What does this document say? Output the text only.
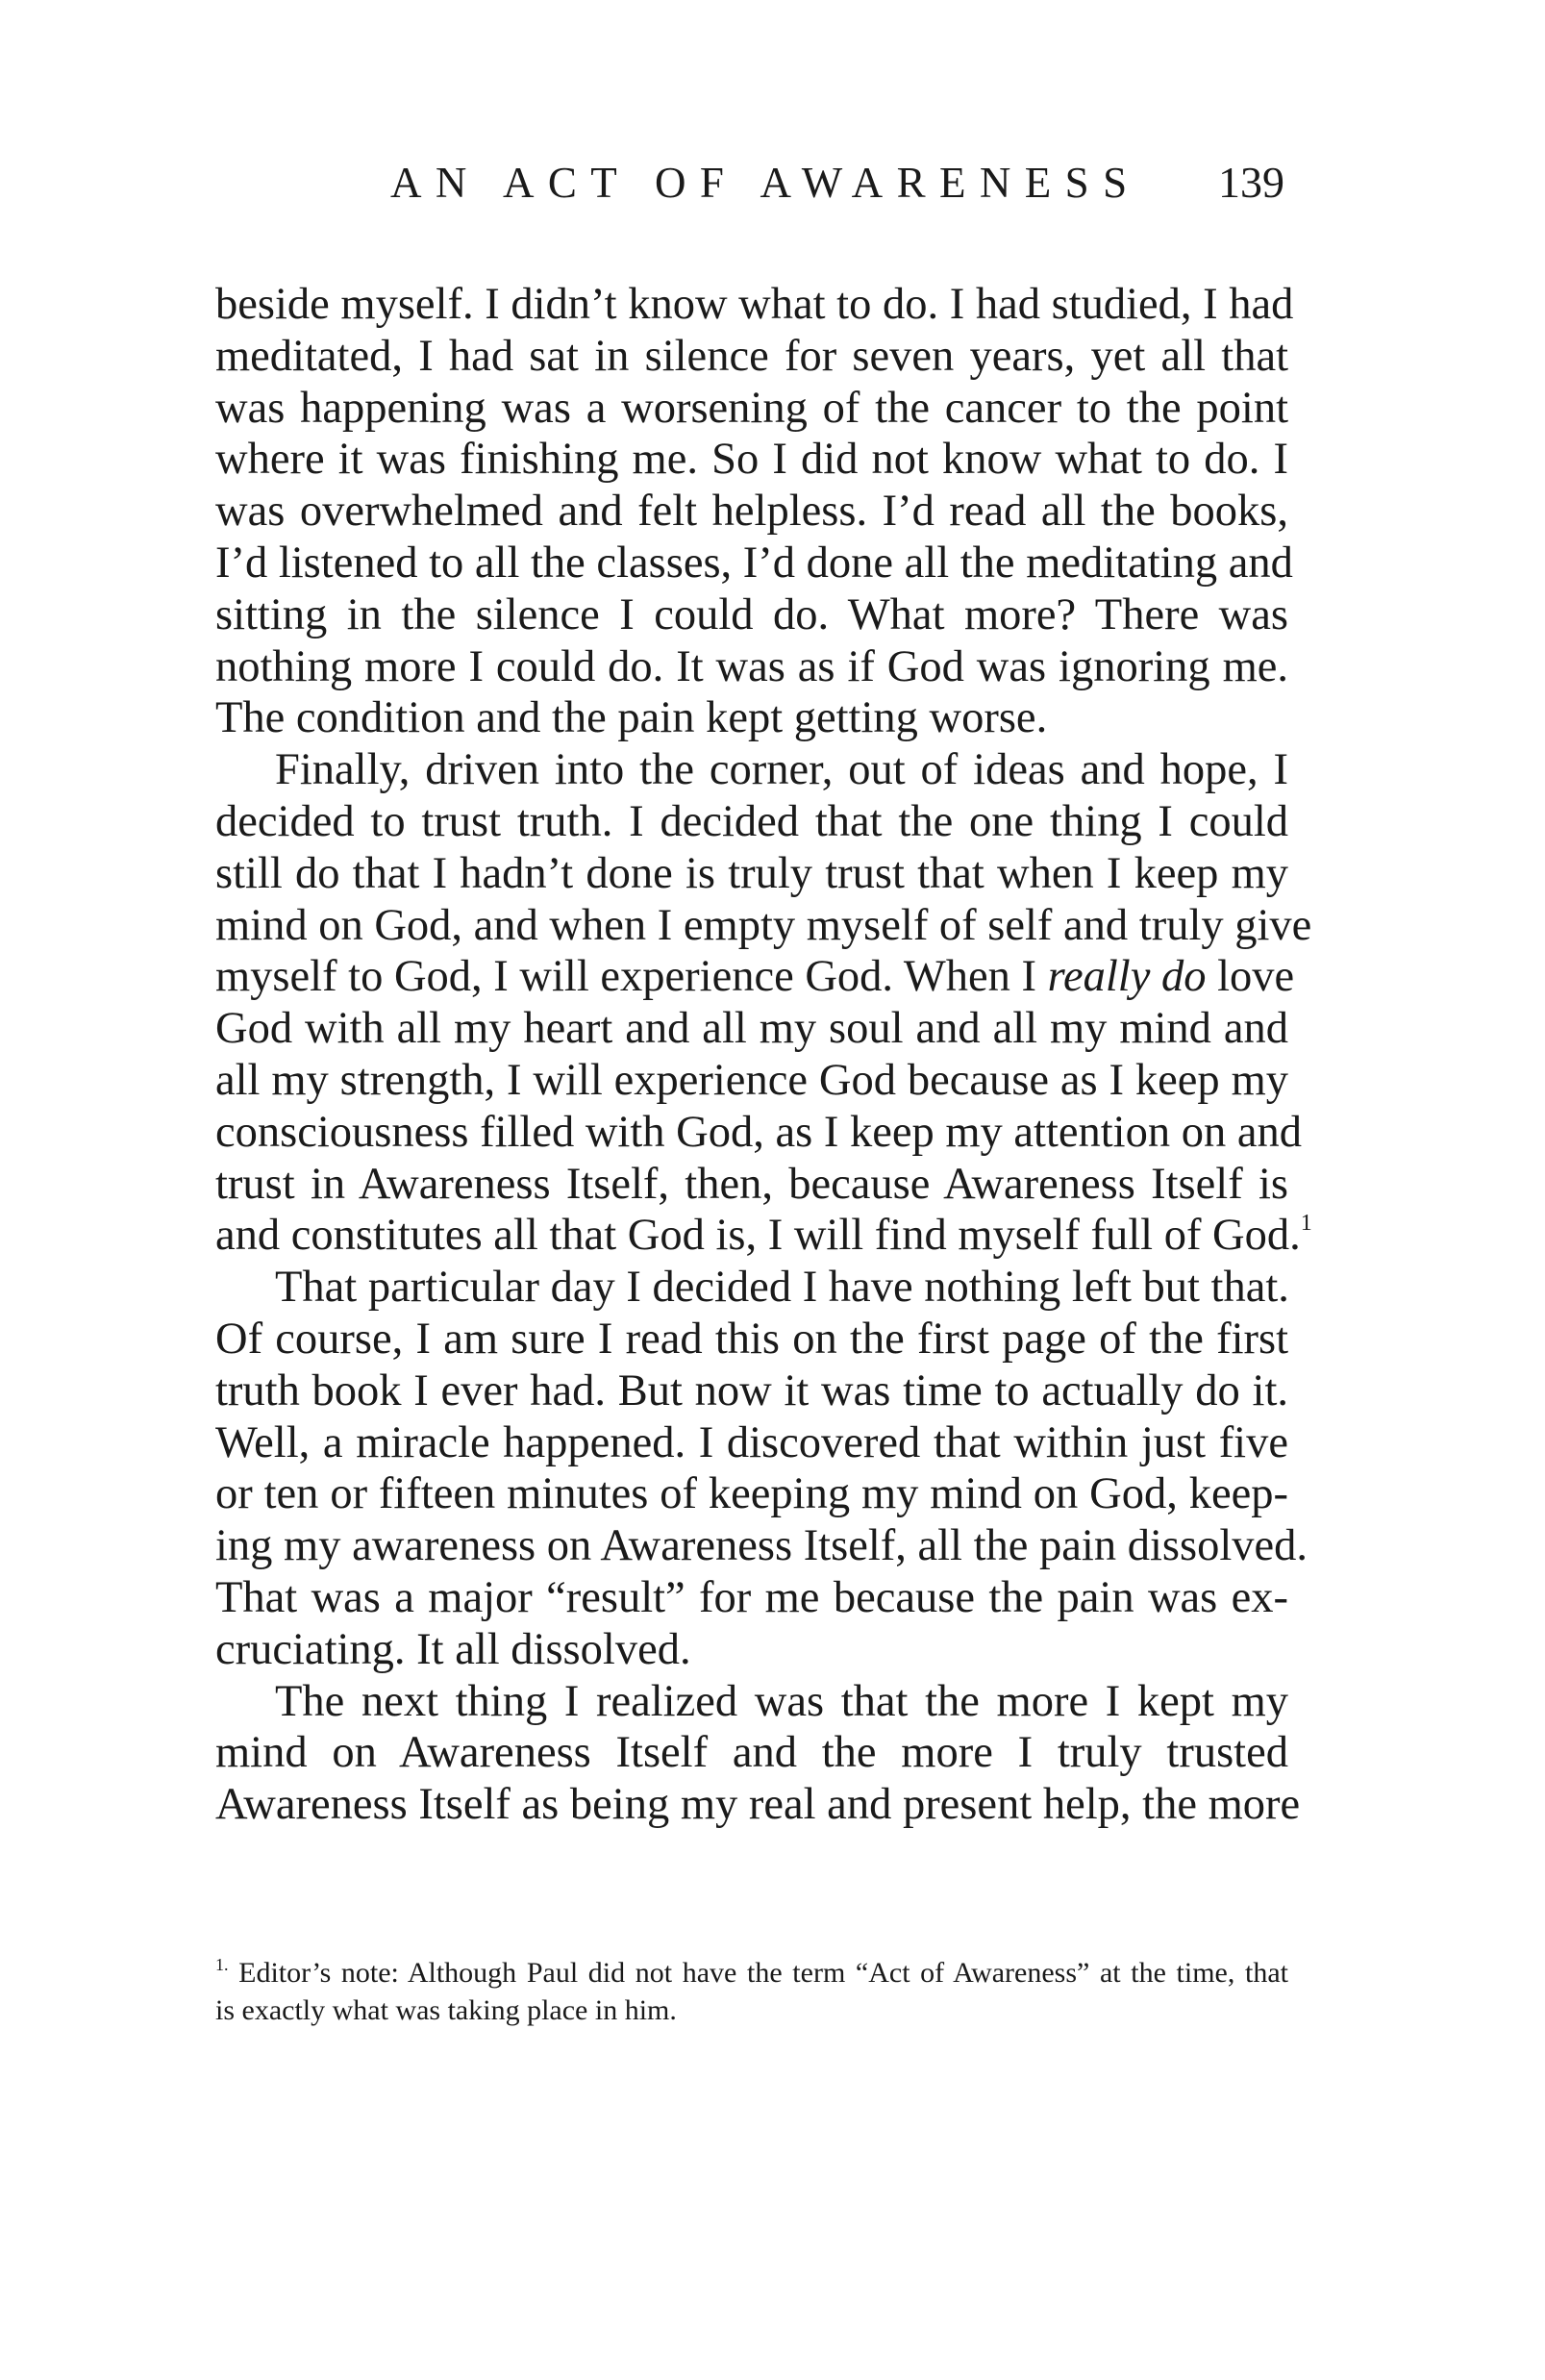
AN ACT OF AWARENESS 139
beside myself. I didn’t know what to do. I had studied, I had
meditated, I had sat in silence for seven years, yet all that
was happening was a worsening of the cancer to the point
where it was finishing me. So I did not know what to do. I
was overwhelmed and felt helpless. I’d read all the books,
I’d listened to all the classes, I’d done all the meditating and
sitting in the silence I could do. What more? There was
nothing more I could do. It was as if God was ignoring me.
The condition and the pain kept getting worse.
Finally, driven into the corner, out of ideas and hope, I
decided to trust truth. I decided that the one thing I could
still do that I hadn’t done is truly trust that when I keep my
mind on God, and when I empty myself of self and truly give
myself to God, I will experience God. When I really do love
God with all my heart and all my soul and all my mind and
all my strength, I will experience God because as I keep my
consciousness filled with God, as I keep my attention on and
trust in Awareness Itself, then, because Awareness Itself is
and constitutes all that God is, I will find myself full of God.$^1$
That particular day I decided I have nothing left but that.
Of course, I am sure I read this on the first page of the first
truth book I ever had. But now it was time to actually do it.
Well, a miracle happened. I discovered that within just five
or ten or fifteen minutes of keeping my mind on God, keep-
ing my awareness on Awareness Itself, all the pain dissolved.
That was a major “result” for me because the pain was ex-
cruciating. It all dissolved.
The next thing I realized was that the more I kept my
mind on Awareness Itself and the more I truly trusted
Awareness Itself as being my real and present help, the more
$^{1.}$ Editor’s note: Although Paul did not have the term “Act of Awareness” at the time, that
is exactly what was taking place in him.
